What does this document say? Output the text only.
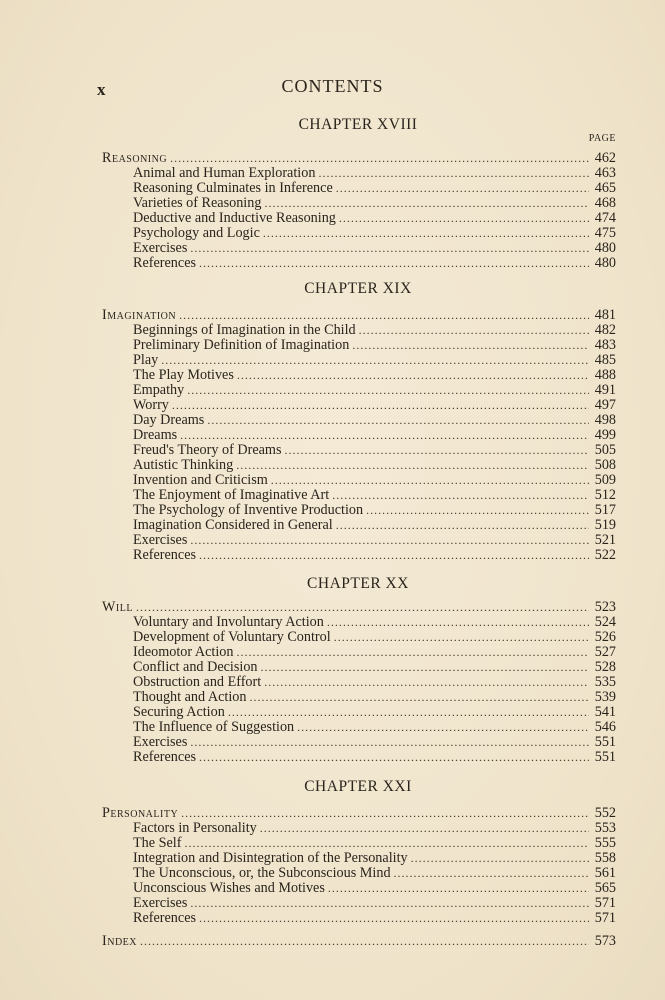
x	CONTENTS
CHAPTER XVIII
PAGE
Reasoning . . .	462
Animal and Human Exploration . . .	463
Reasoning Culminates in Inference . . .	465
Varieties of Reasoning . . .	468
Deductive and Inductive Reasoning . . .	474
Psychology and Logic . . .	475
Exercises . . .	480
References . . .	480
CHAPTER XIX
Imagination . . .	481
Beginnings of Imagination in the Child . . .	482
Preliminary Definition of Imagination . . .	483
Play . . .	485
The Play Motives . . .	488
Empathy . . .	491
Worry . . .	497
Day Dreams . . .	498
Dreams . . .	499
Freud's Theory of Dreams . . .	505
Autistic Thinking . . .	508
Invention and Criticism . . .	509
The Enjoyment of Imaginative Art . . .	512
The Psychology of Inventive Production . . .	517
Imagination Considered in General . . .	519
Exercises . . .	521
References . . .	522
CHAPTER XX
Will . . .	523
Voluntary and Involuntary Action . . .	524
Development of Voluntary Control . . .	526
Ideomotor Action . . .	527
Conflict and Decision . . .	528
Obstruction and Effort . . .	535
Thought and Action . . .	539
Securing Action . . .	541
The Influence of Suggestion . . .	546
Exercises . . .	551
References . . .	551
CHAPTER XXI
Personality . . .	552
Factors in Personality . . .	553
The Self . . .	555
Integration and Disintegration of the Personality . . .	558
The Unconscious, or, the Subconscious Mind . . .	561
Unconscious Wishes and Motives . . .	565
Exercises . . .	571
References . . .	571
Index . . .	573
